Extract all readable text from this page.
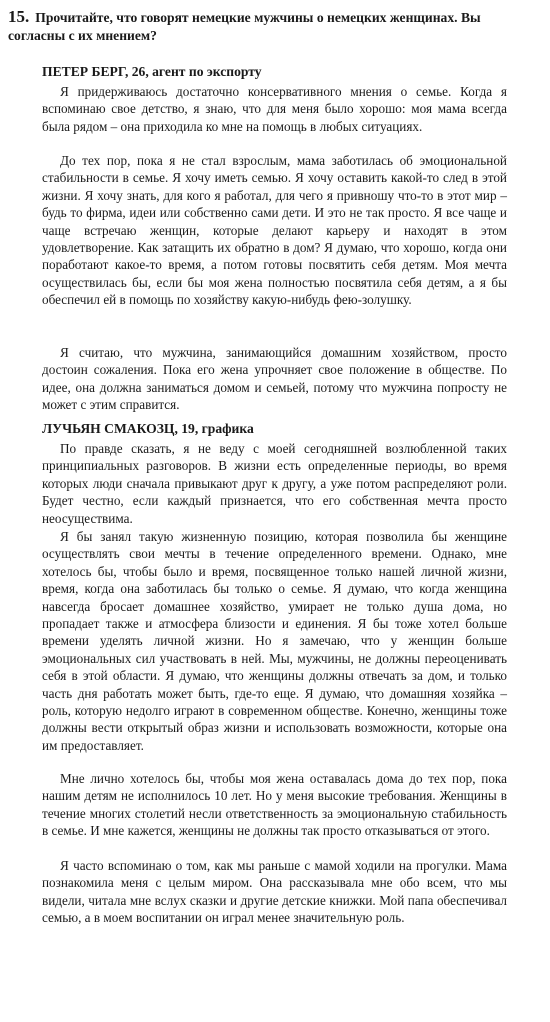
15. Прочитайте, что говорят немецкие мужчины о немецких женщинах. Вы согласны с их мнением?
ПЕТЕР БЕРГ, 26, агент по экспорту
Я придерживаюсь достаточно консервативного мнения о семье. Когда я вспоминаю свое детство, я знаю, что для меня было хорошо: моя мама всегда была рядом – она приходила ко мне на помощь в любых ситуациях.
До тех пор, пока я не стал взрослым, мама заботилась об эмоциональной стабильности в семье. Я хочу иметь семью. Я хочу оставить какой-то след в этой жизни. Я хочу знать, для кого я работал, для чего я привношу что-то в этот мир – будь то фирма, идеи или собственно сами дети. И это не так просто. Я все чаще и чаще встречаю женщин, которые делают карьеру и находят в этом удовлетворение. Как затащить их обратно в дом? Я думаю, что хорошо, когда они поработают какое-то время, а потом готовы посвятить себя детям. Моя мечта осуществилась бы, если бы моя жена полностью посвятила себя детям, а я бы обеспечил ей в помощь по хозяйству какую-нибудь фею-золушку.
Я считаю, что мужчина, занимающийся домашним хозяйством, просто достоин сожаления. Пока его жена упрочняет свое положение в обществе. По идее, она должна заниматься домом и семьей, потому что мужчина попросту не может с этим справится.
ЛУЧЬЯН СМАКОЗЦ, 19, графика
По правде сказать, я не веду с моей сегодняшней возлюбленной таких принципиальных разговоров. В жизни есть определенные периоды, во время которых люди сначала привыкают друг к другу, а уже потом распределяют роли. Будет честно, если каждый признается, что его собственная мечта просто неосуществима.
Я бы занял такую жизненную позицию, которая позволила бы женщине осуществлять свои мечты в течение определенного времени. Однако, мне хотелось бы, чтобы было и время, посвященное только нашей личной жизни, время, когда она заботилась бы только о семье. Я думаю, что когда женщина навсегда бросает домашнее хозяйство, умирает не только душа дома, но пропадает также и атмосфера близости и единения. Я бы тоже хотел больше времени уделять личной жизни. Но я замечаю, что у женщин больше эмоциональных сил участвовать в ней. Мы, мужчины, не должны переоценивать себя в этой области. Я думаю, что женщины должны отвечать за дом, и только часть дня работать может быть, где-то еще. Я думаю, что домашняя хозяйка – роль, которую недолго играют в современном обществе. Конечно, женщины тоже должны вести открытый образ жизни и использовать возможности, которые она им предоставляет.
Мне лично хотелось бы, чтобы моя жена оставалась дома до тех пор, пока нашим детям не исполнилось 10 лет. Но у меня высокие требования. Женщины в течение многих столетий несли ответственность за эмоциональную стабильность в семье. И мне кажется, женщины не должны так просто отказываться от этого.
Я часто вспоминаю о том, как мы раньше с мамой ходили на прогулки. Мама познакомила меня с целым миром. Она рассказывала мне обо всем, что мы видели, читала мне вслух сказки и другие детские книжки. Мой папа обеспечивал семью, а в моем воспитании он играл менее значительную роль.
